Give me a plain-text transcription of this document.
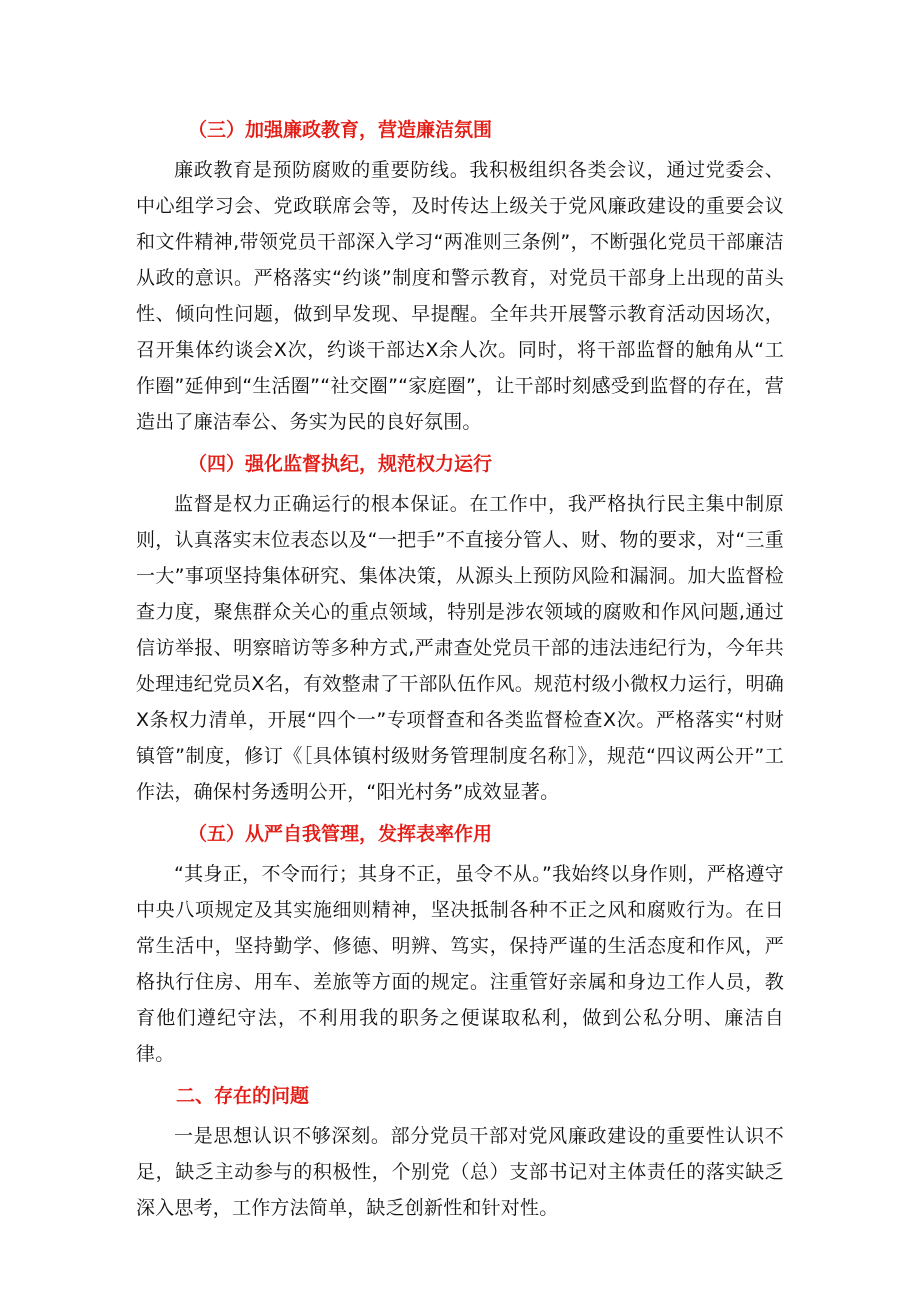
（三）加强廉政教育，营造廉洁氛围

廉政教育是预防腐败的重要防线。我积极组织各类会议，通过党委会、中心组学习会、党政联席会等，及时传达上级关于党风廉政建设的重要会议和文件精神,带领党员干部深入学习“两准则三条例”，不断强化党员干部廉洁从政的意识。严格落实“约谈”制度和警示教育，对党员干部身上出现的苗头性、倾向性问题，做到早发现、早提醒。全年共开展警示教育活动因场次，召开集体约谈会X次，约谈干部达X余人次。同时，将干部监督的触角从“工作圈”延伸到“生活圈”“社交圈”“家庭圈”，让干部时刻感受到监督的存在，营造出了廉洁奉公、务实为民的良好氛围。

（四）强化监督执纪，规范权力运行

监督是权力正确运行的根本保证。在工作中，我严格执行民主集中制原则，认真落实末位表态以及“一把手”不直接分管人、财、物的要求，对“三重一大”事项坚持集体研究、集体决策，从源头上预防风险和漏洞。加大监督检查力度，聚焦群众关心的重点领域，特别是涉农领域的腐败和作风问题,通过信访举报、明察暗访等多种方式,严肃查处党员干部的违法违纪行为，今年共处理违纪党员X名，有效整肃了干部队伍作风。规范村级小微权力运行，明确X条权力清单，开展“四个一”专项督查和各类监督检查X次。严格落实“村财镇管”制度，修订《［具体镇村级财务管理制度名称］》，规范“四议两公开”工作法，确保村务透明公开，“阳光村务”成效显著。

（五）从严自我管理，发挥表率作用

“其身正，不令而行；其身不正，虽令不从。”我始终以身作则，严格遵守中央八项规定及其实施细则精神，坚决抵制各种不正之风和腐败行为。在日常生活中，坚持勤学、修德、明辨、笃实，保持严谨的生活态度和作风，严格执行住房、用车、差旅等方面的规定。注重管好亲属和身边工作人员，教育他们遵纪守法，不利用我的职务之便谋取私利，做到公私分明、廉洁自律。

二、存在的问题

一是思想认识不够深刻。部分党员干部对党风廉政建设的重要性认识不足，缺乏主动参与的积极性，个别党（总）支部书记对主体责任的落实缺乏深入思考，工作方法简单，缺乏创新性和针对性。
